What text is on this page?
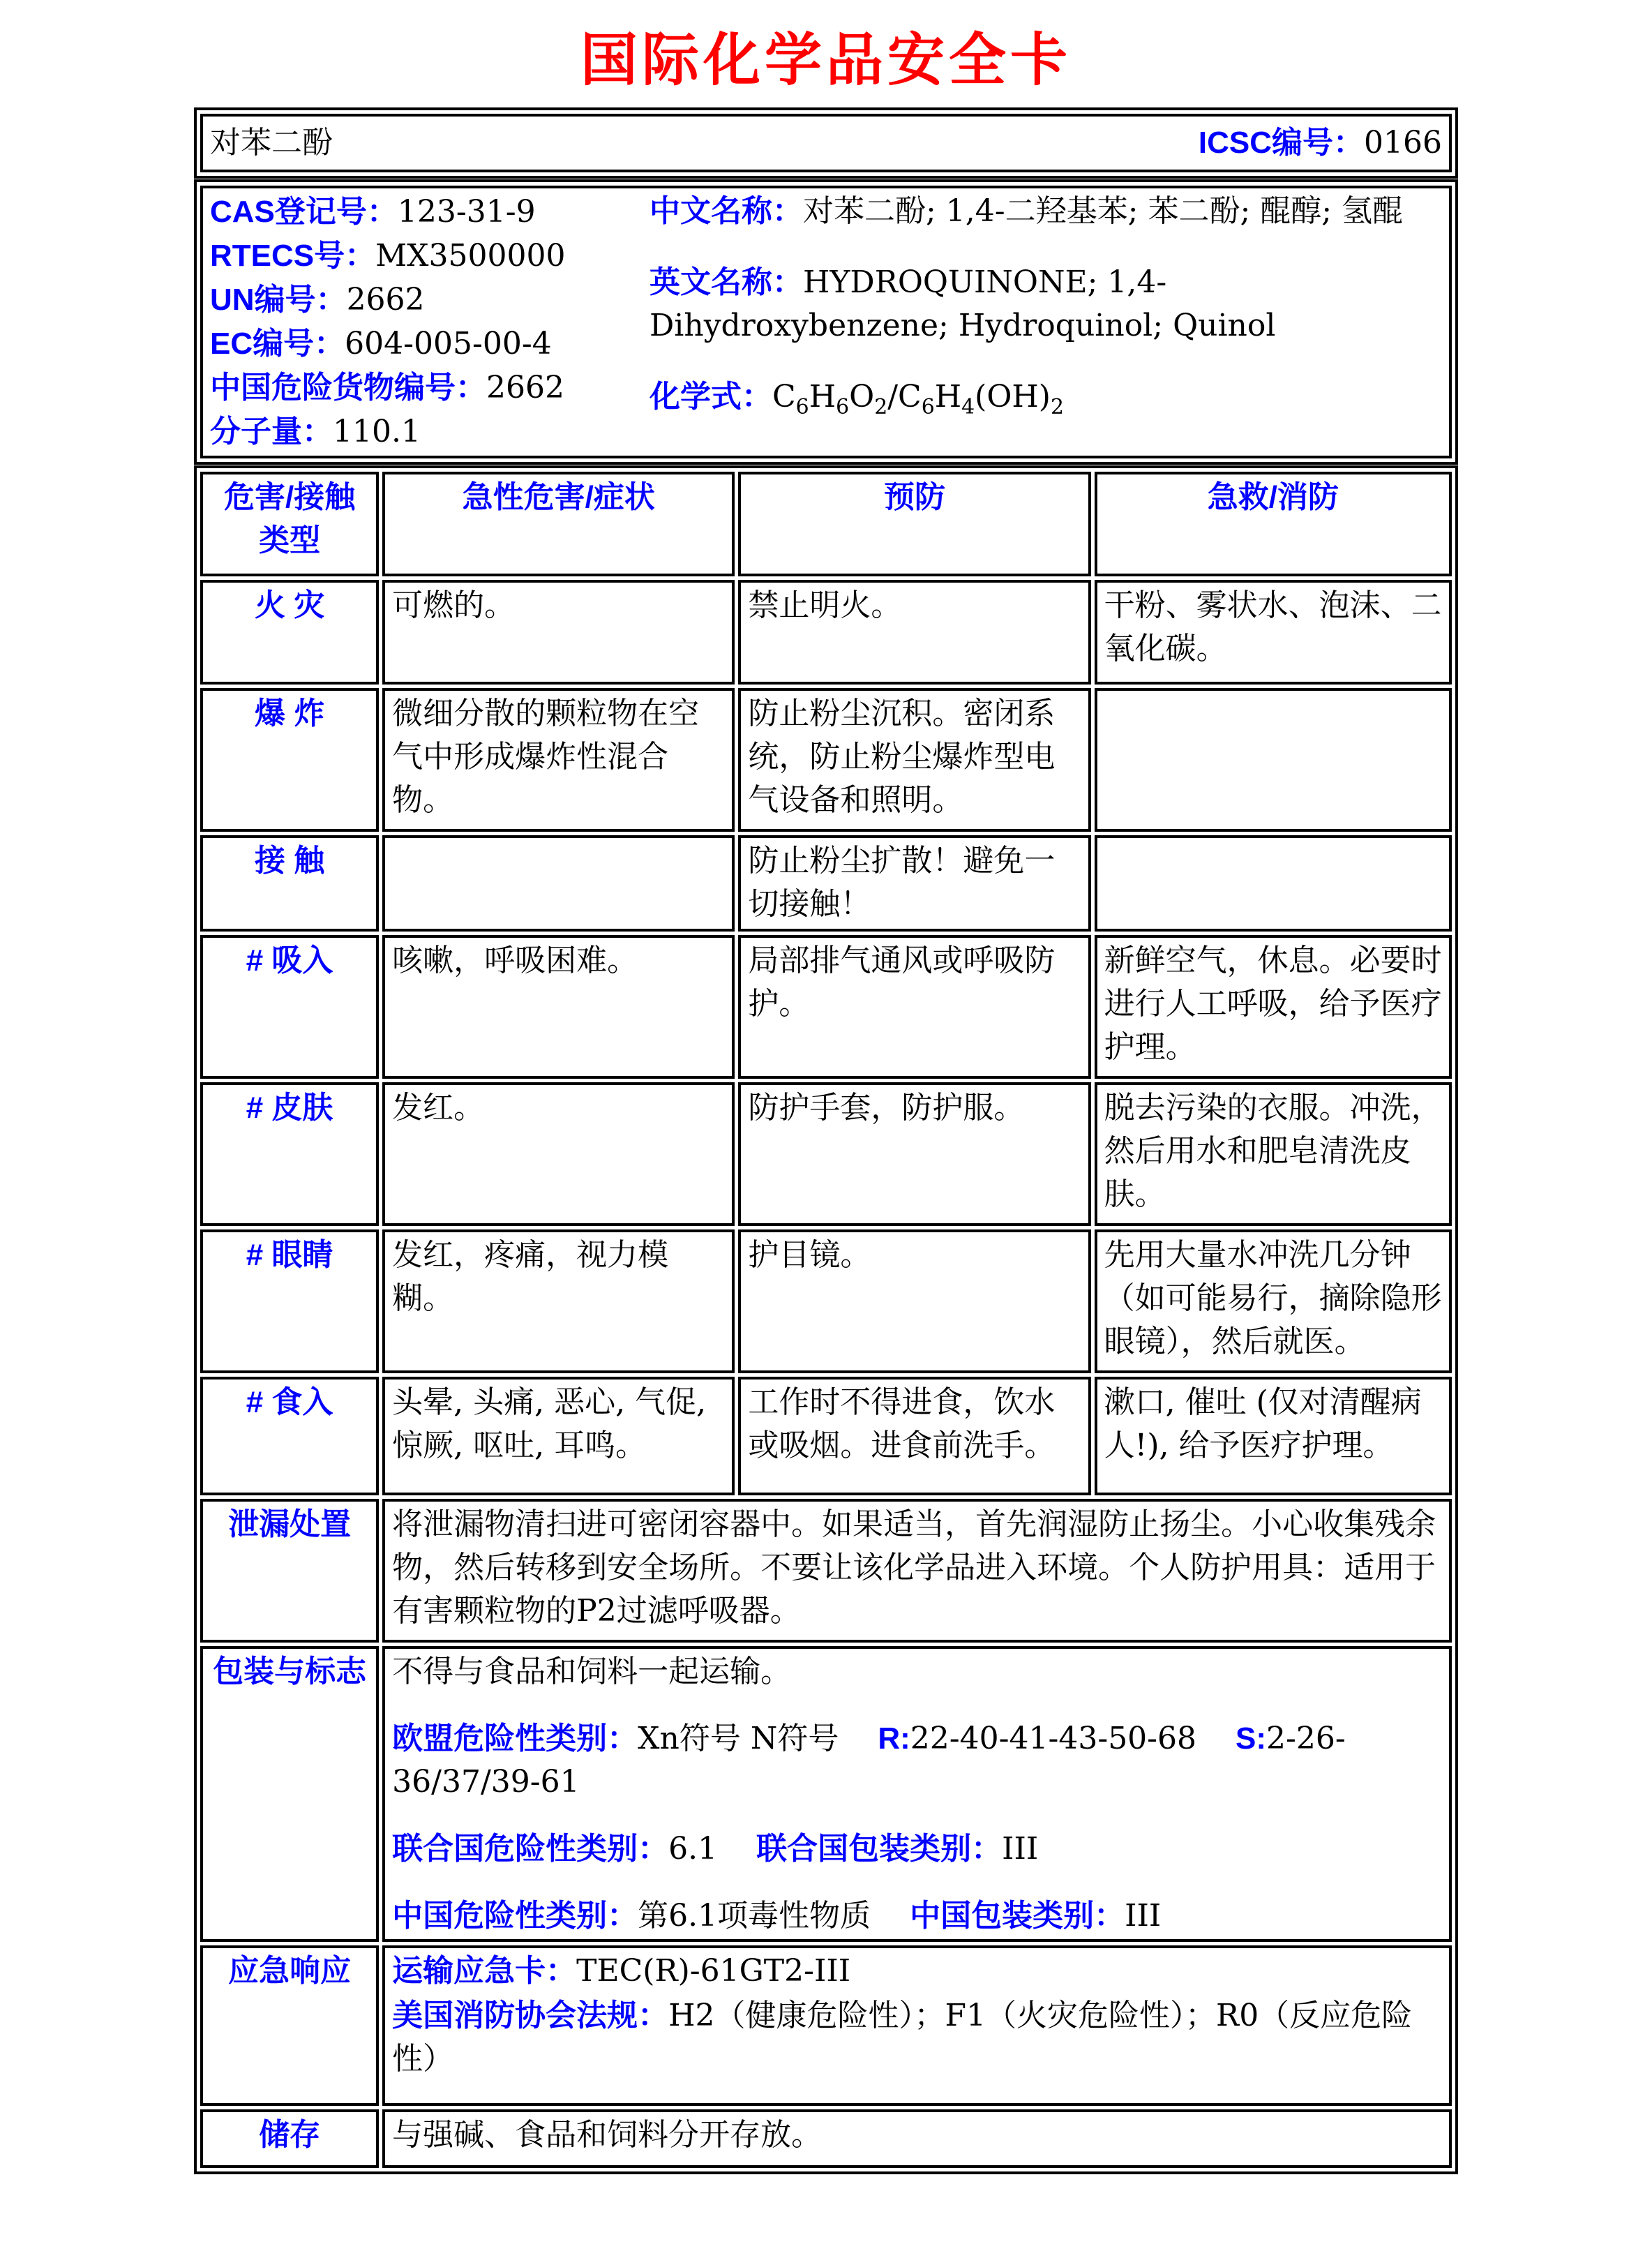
国际化学品安全卡
对苯二酚	ICSC编号：0166
CAS登记号：123-31-9
RTECS号：MX3500000
UN编号：2662
EC编号：604-005-00-4
中国危险货物编号：2662
分子量：110.1

中文名称：对苯二酚; 1,4-二羟基苯; 苯二酚; 醌醇; 氢醌

英文名称：HYDROQUINONE; 1,4-Dihydroxybenzene; Hydroquinol; Quinol

化学式：$C_6H_6O_2/C_6H_4(OH)_2$

危害/接触类型	急性危害/症状	预防	急救/消防
火 灾	可燃的。	禁止明火。	干粉、雾状水、泡沫、二氧化碳。
爆 炸	微细分散的颗粒物在空气中形成爆炸性混合物。	防止粉尘沉积。密闭系统，防止粉尘爆炸型电气设备和照明。	
接 触		防止粉尘扩散！避免一切接触！	
# 吸入	咳嗽，呼吸困难。	局部排气通风或呼吸防护。	新鲜空气，休息。必要时进行人工呼吸，给予医疗护理。
# 皮肤	发红。	防护手套，防护服。	脱去污染的衣服。冲洗，然后用水和肥皂清洗皮肤。
# 眼睛	发红，疼痛，视力模糊。	护目镜。	先用大量水冲洗几分钟（如可能易行，摘除隐形眼镜），然后就医。
# 食入	头晕, 头痛, 恶心, 气促, 惊厥, 呕吐, 耳鸣。	工作时不得进食，饮水或吸烟。进食前洗手。	漱口, 催吐 (仅对清醒病人!), 给予医疗护理。
泄漏处置	将泄漏物清扫进可密闭容器中。如果适当，首先润湿防止扬尘。小心收集残余物，然后转移到安全场所。不要让该化学品进入环境。个人防护用具：适用于有害颗粒物的P2过滤呼吸器。		
包装与标志	不得与食品和饲料一起运输。

欧盟危险性类别：Xn符号 N符号 R:22-40-41-43-50-68 S:2-26-36/37/39-61

联合国危险性类别：6.1 联合国包装类别：III

中国危险性类别：第6.1项毒性物质 中国包装类别：III		

应急响应	运输应急卡：TEC(R)-61GT2-III

美国消防协会法规：H2（健康危险性）；F1（火灾危险性）；R0（反应危险性）		

储存	与强碱、食品和饲料分开存放。		
